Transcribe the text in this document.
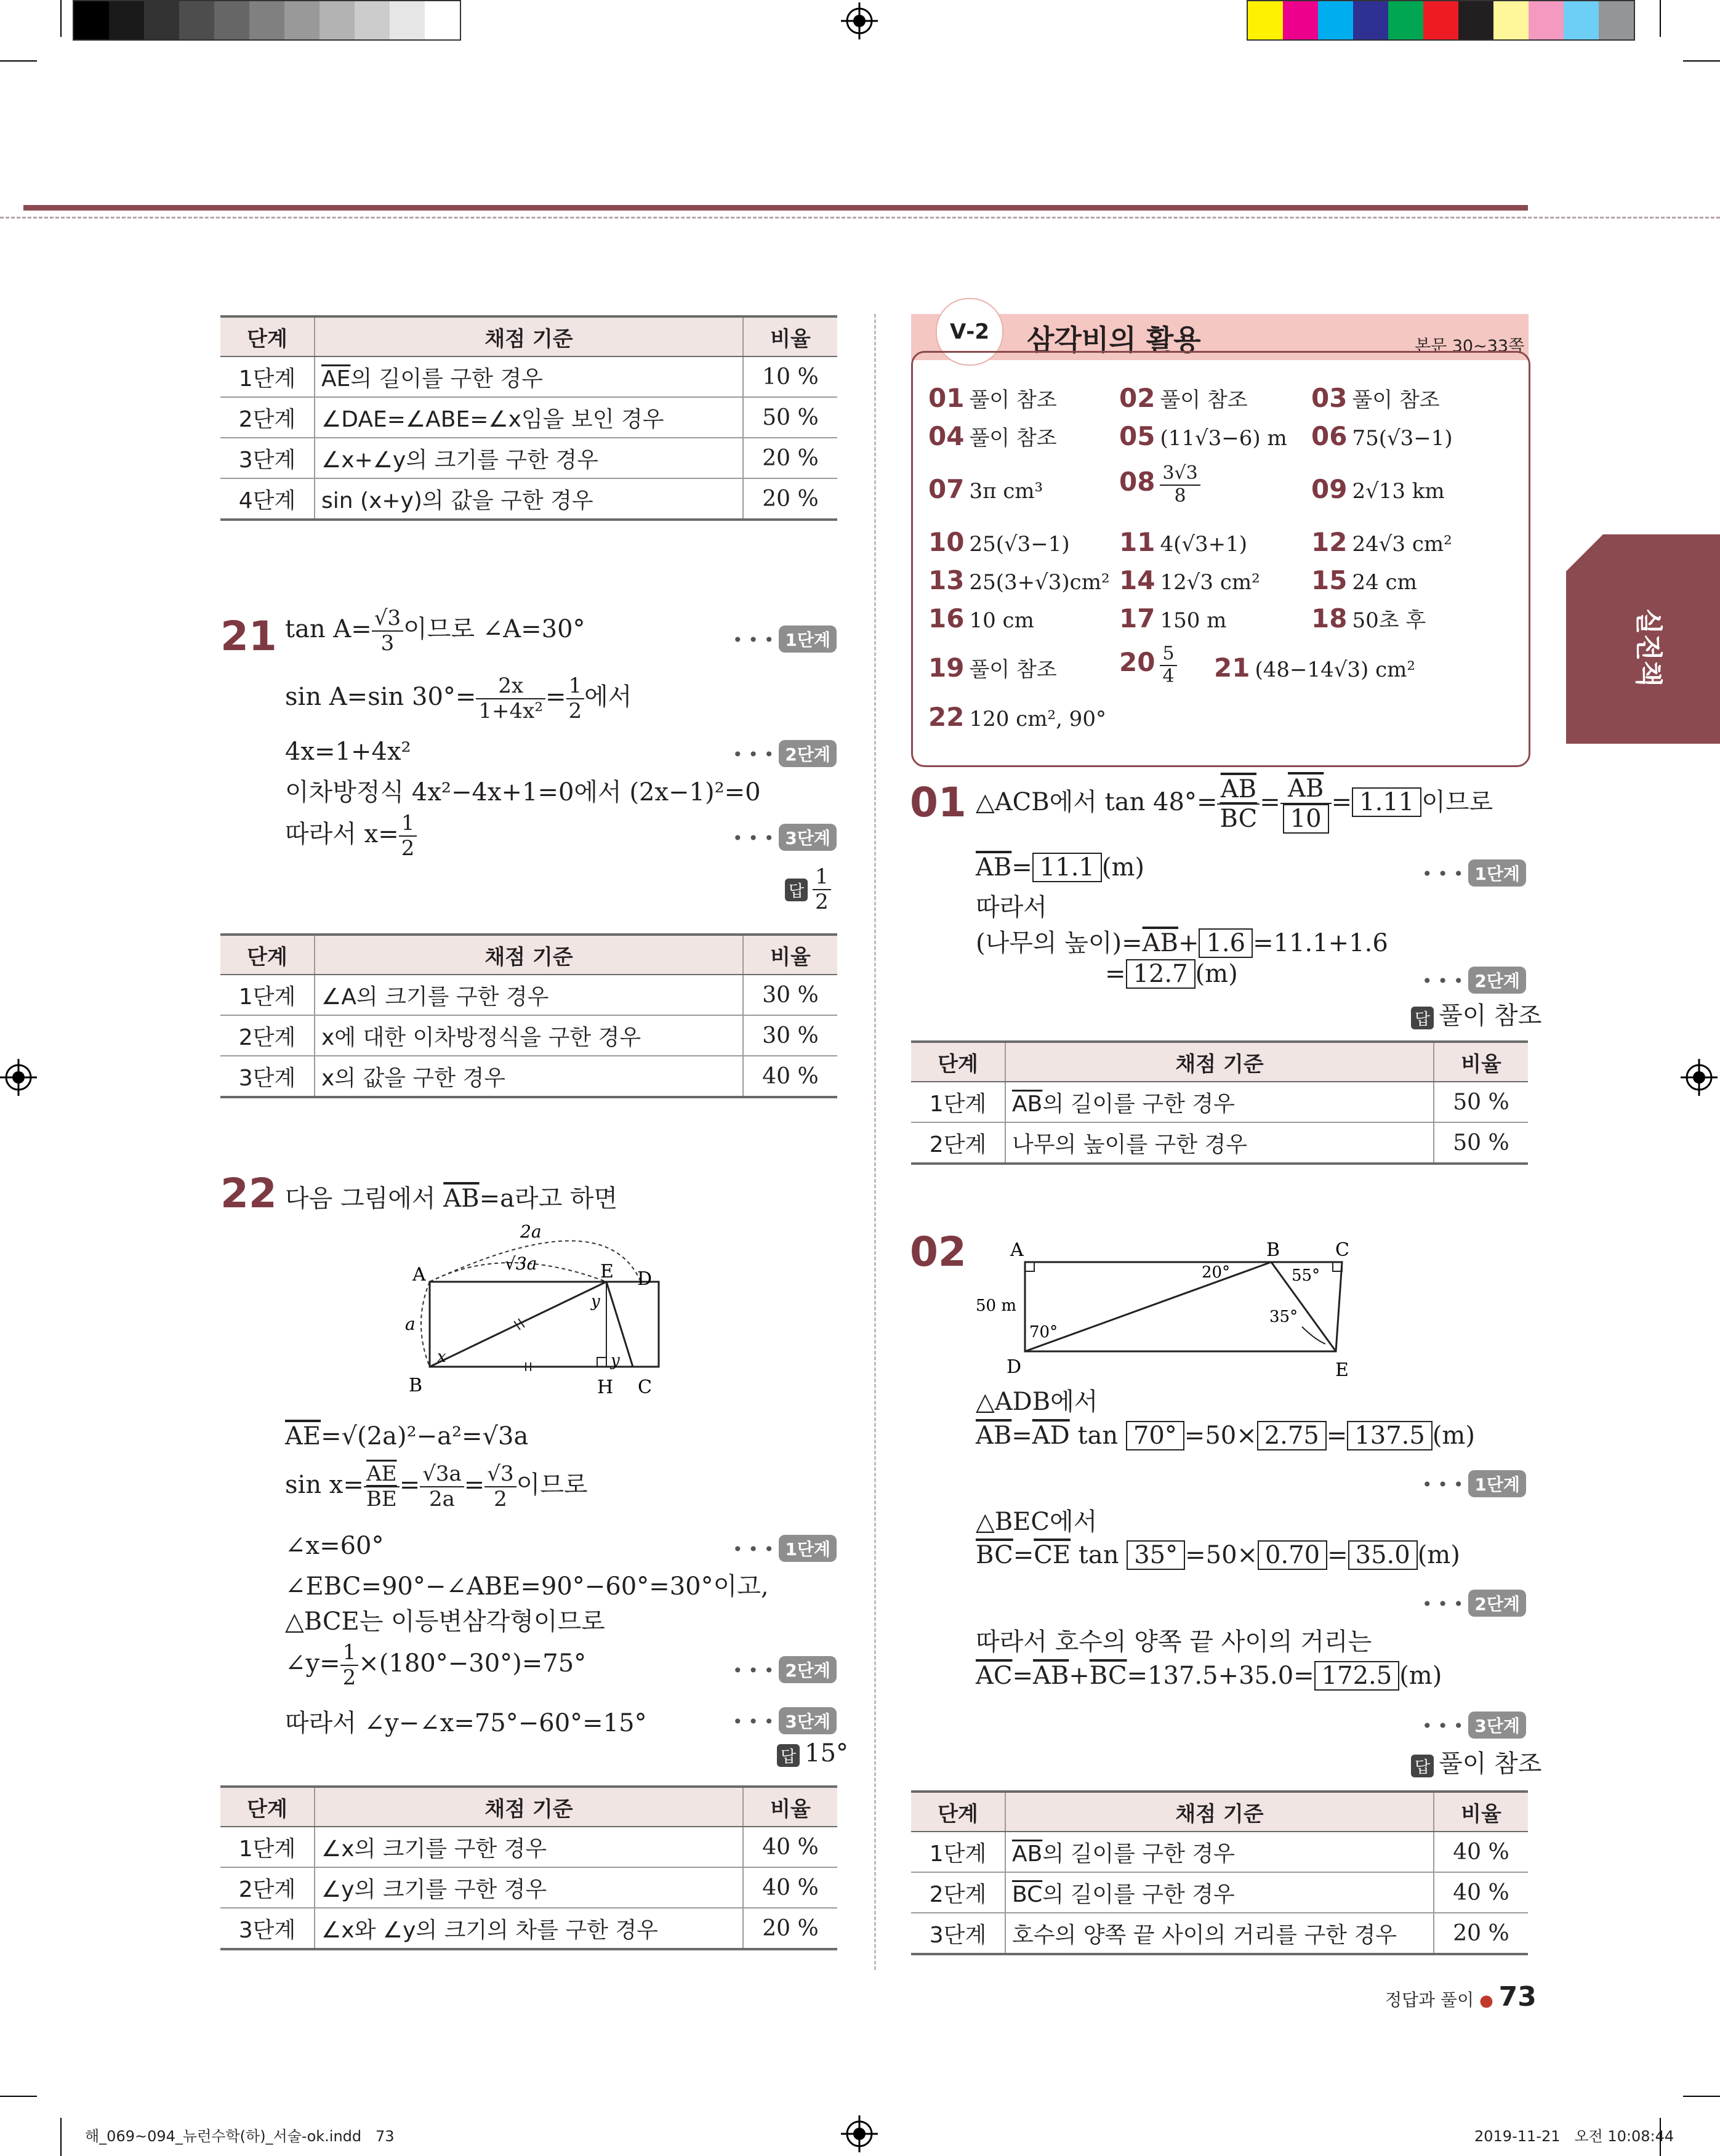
실전책
단계	채점 기준	비율
1단계	$\overline{AE}$의 길이를 구한 경우	10 %
2단계	∠DAE=∠ABE=∠x임을 보인 경우	50 %
3단계	∠x+∠y의 크기를 구한 경우	20 %
4단계	sin (x+y)의 값을 구한 경우	20 %
21 $\tan A= \frac{√3}{3}$ 이므로 ∠A=30°	• • • 1단계
sin A=sin $30^\circ= \frac{2x}{\text{1+4x²}} = \frac{1}{2}$ 에서
4x=1+4x²	• • • 2단계
이차방정식 4x²−4x+1=0에서 (2x−1)²=0
따라서 $x= \frac{1}{2}$	• • • 3단계
답 $\frac{1}{2}$
단계	채점 기준	비율
1단계	∠A의 크기를 구한 경우	30 %
2단계	x에 대한 이차방정식을 구한 경우	30 %
3단계	x의 값을 구한 경우	40 %
22 다음 그림에서 $\overline{AB}=a$라고 하면
A
B	C
D
E
H
2a
√3a
a
x
y
y
$\overline{AE}=√(2a)^2-a^2=√3a$
$\sin x= \frac{\overline{AE}}{BE} = \frac{√3a}{2a} = \frac{√3}{2}$ 이므로
∠x=60°	• • • 1단계
∠EBC=90°−∠ABE=90°−60°=30°이고,
△BCE는 이등변삼각형이므로
∠y= $\frac{1}{2} \times(180^\circ-30^\circ)=75^\circ$	• • • 2단계
따라서 ∠y−∠x=75°−60°=15°	• • • 3단계
답 15°
단계	채점 기준	비율
1단계	∠x의 크기를 구한 경우	40 %
2단계	∠y의 크기를 구한 경우	40 %
3단계	∠x와 ∠y의 크기의 차를 구한 경우	20 %
Ⅴ-2	삼각비의 활용	본문 30~33쪽
01 풀이 참조 02 풀이 참조 03 풀이 참조
04 풀이 참조 05 (11√3−6) m 06 75(√3−1)
07 3π cm³	$08 \frac{3√3}{8}$	09 2√13 km
10 25(√3−1) 11 4(√3+1) 12 24√3 cm²
13 25(3+√3)cm² 14 12√3 cm² 15 24 cm
16 10 cm	17 150 m	18 50초 후
19 풀이 참조 $20 \frac{5}{4} 21$ (48−14√3) cm²
22 120 cm², 90°
01 △ACB에서 $\tan 48^\circ= \frac{\overline{AB}}{BC} = \frac{\overline{AB}}{10} = 1.11$ 이므로
$\overline{AB}= 11.1$ (m)	• • • 1단계
따라서
(나무의 높이)$=\overline{AB}+ 1.6 =11.1+1.6$
= 12.7 (m)	• • • 2단계
답 풀이 참조
단계	채점 기준	비율
1단계	$\overline{AB}$의 길이를 구한 경우	50 %
2단계	나무의 높이를 구한 경우	50 %
02 A	B	C
D	E
50 m
20°	55°
35°
70°
△ADB에서
$\overline{AB}=\overline{AD}$ tan 70° =50× 2.75 = 137.5 (m)
• • • 1단계
△BEC에서
$\overline{BC}=\overline{CE}$ tan 35° =50× 0.70 = 35.0 (m)
• • • 2단계
따라서 호수의 양쪽 끝 사이의 거리는
$\overline{AC}=\overline{AB}+\overline{BC}=137.5+35.0= 172.5$ (m)
• • • 3단계
답 풀이 참조
단계	채점 기준	비율
1단계	$\overline{AB}$의 길이를 구한 경우	40 %
2단계	$\overline{BC}$의 길이를 구한 경우	40 %
3단계	호수의 양쪽 끝 사이의 거리를 구한 경우	20 %
정답과 풀이 ● 73
해_069~094_뉴런수학(하)_서술-ok.indd   73	2019-11-21   오전 10:08:44
